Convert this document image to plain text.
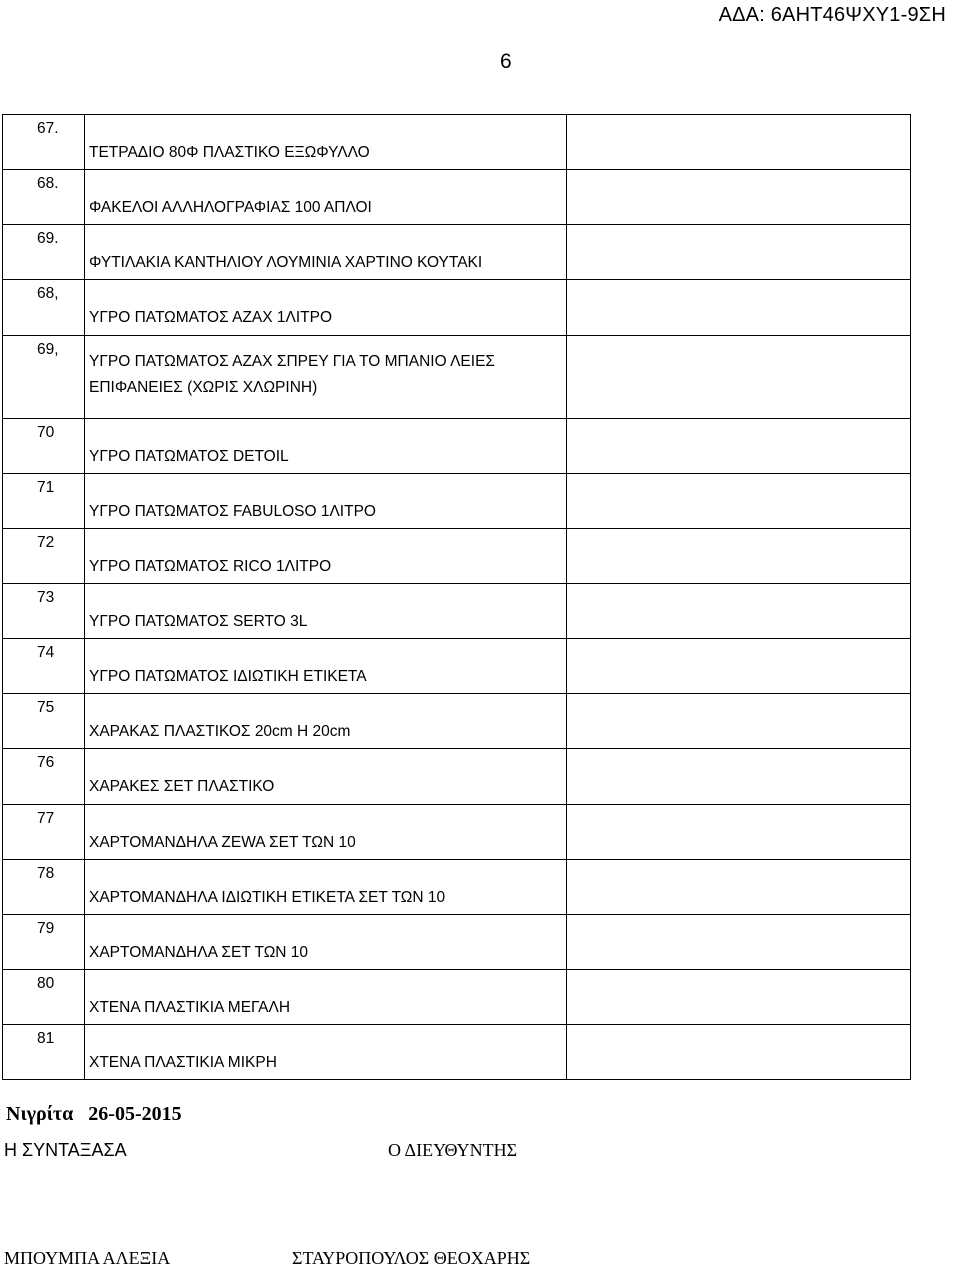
ΑΔΑ: 6ΑΗΤ46ΨΧΥ1-9ΣΗ
6
67.	ΤΕΤΡΑΔΙΟ 80Φ ΠΛΑΣΤΙΚΟ ΕΞΩΦΥΛΛΟ	

68.	ΦΑΚΕΛΟΙ ΑΛΛΗΛΟΓΡΑΦΙΑΣ 100 ΑΠΛΟΙ	

69.	ΦΥΤΙΛΑΚΙΑ ΚΑΝΤΗΛΙΟΥ ΛΟΥΜΙΝΙΑ ΧΑΡΤΙΝΟ ΚΟΥΤΑΚΙ	

68,	ΥΓΡΟ ΠΑΤΩΜΑΤΟΣ ΑΖΑΧ 1ΛΙΤΡΟ	

69,	ΥΓΡΟ ΠΑΤΩΜΑΤΟΣ ΑΖΑΧ ΣΠΡΕΥ ΓΙΑ ΤΟ ΜΠΑΝΙΟ ΛΕΙΕΣ
ΕΠΙΦΑΝΕΙΕΣ (ΧΩΡΙΣ ΧΛΩΡΙΝΗ)	

70	ΥΓΡΟ ΠΑΤΩΜΑΤΟΣ DETOIL	

71	ΥΓΡΟ ΠΑΤΩΜΑΤΟΣ FABULOSO 1ΛΙΤΡΟ	

72	ΥΓΡΟ ΠΑΤΩΜΑΤΟΣ RICO 1ΛΙΤΡΟ	

73	ΥΓΡΟ ΠΑΤΩΜΑΤΟΣ SERTO 3L	

74	ΥΓΡΟ ΠΑΤΩΜΑΤΟΣ ΙΔΙΩΤΙΚΗ ΕΤΙΚΕΤΑ	

75	ΧΑΡΑΚΑΣ ΠΛΑΣΤΙΚΟΣ 20cm Η 20cm	

76	ΧΑΡΑΚΕΣ ΣΕΤ ΠΛΑΣΤΙΚΟ	

77	ΧΑΡΤΟΜΑΝΔΗΛΑ ZEWA ΣΕΤ ΤΩΝ 10	

78	ΧΑΡΤΟΜΑΝΔΗΛΑ ΙΔΙΩΤΙΚΗ ΕΤΙΚΕΤΑ ΣΕΤ ΤΩΝ 10	

79	ΧΑΡΤΟΜΑΝΔΗΛΑ ΣΕΤ ΤΩΝ 10	

80	ΧΤΕΝΑ ΠΛΑΣΤΙΚΙΑ ΜΕΓΑΛΗ	

81	ΧΤΕΝΑ ΠΛΑΣΤΙΚΙΑ ΜΙΚΡΗ	

Νιγρίτα 26-05-2015
Η ΣΥΝΤΑΞΑΣΑ	Ο ΔΙΕΥΘΥΝΤΗΣ
ΜΠΟΥΜΠΑ ΑΛΕΞΙΑ	ΣΤΑΥΡΟΠΟΥΛΟΣ ΘΕΟΧΑΡΗΣ
